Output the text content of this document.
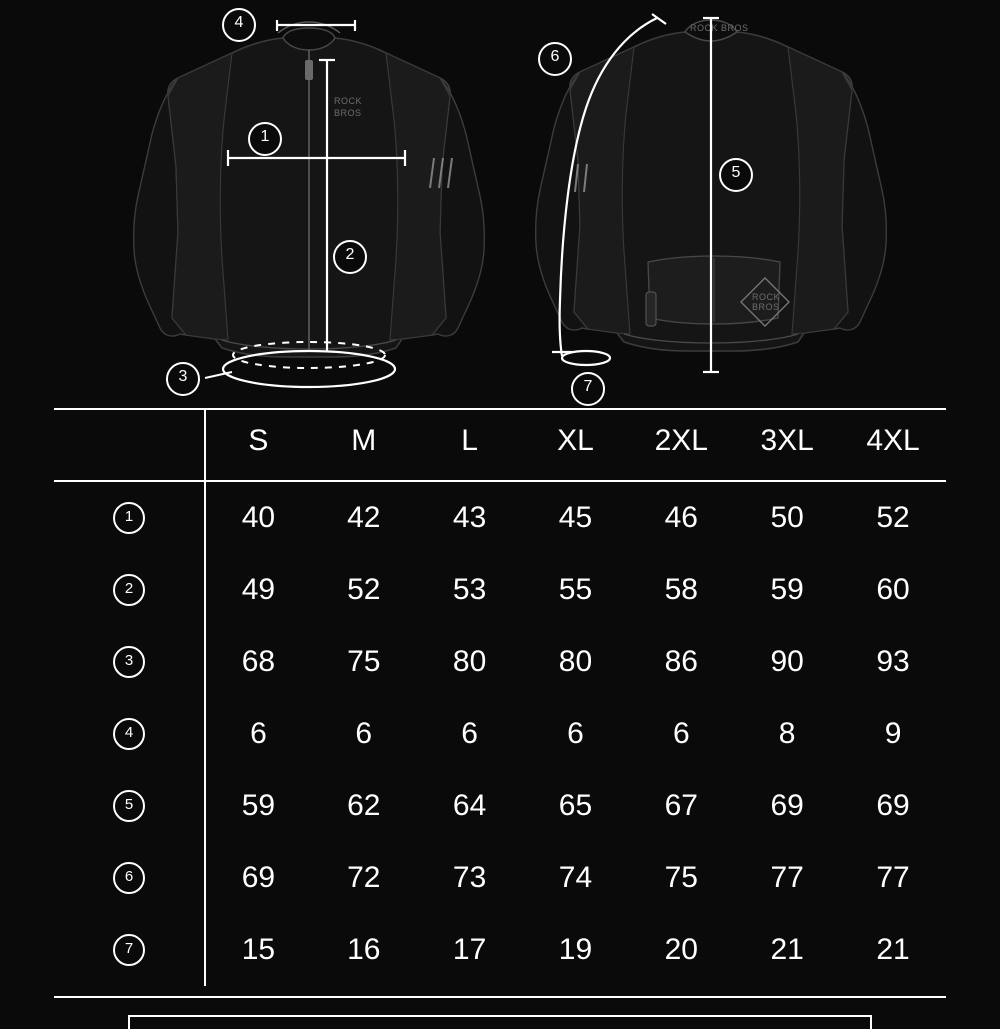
ROCK
BROS
ROCK BROS
ROCK
BROS
4
1
2
3
5
6
7
	S	M	L	XL	2XL	3XL	4XL
1	40	42	43	45	46	50	52
2	49	52	53	55	58	59	60
3	68	75	80	80	86	90	93
4	6	6	6	6	6	8	9
5	59	62	64	65	67	69	69
6	69	72	73	74	75	77	77
7	15	16	17	19	20	21	21
